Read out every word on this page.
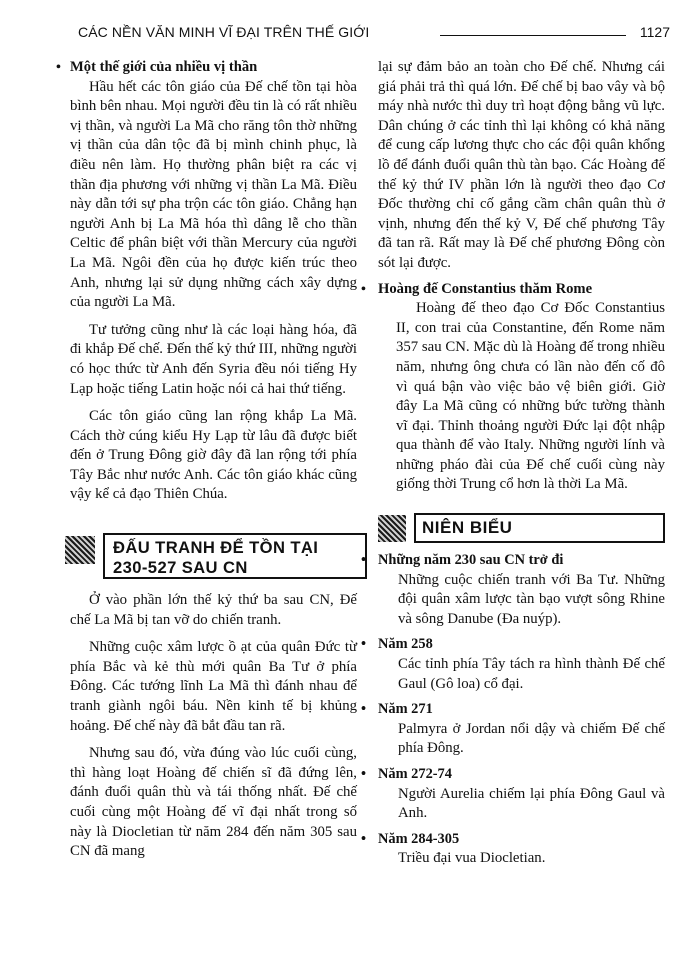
CÁC NỀN VĂN MINH VĨ ĐẠI TRÊN THẾ GIỚI	1127
• Một thế giới của nhiều vị thần

Hầu hết các tôn giáo của Đế chế tồn tại hòa bình bên nhau. Mọi người đều tin là có rất nhiều vị thần, và người La Mã cho răng tôn thờ những vị thần của dân tộc đã bị mình chinh phục, là điều nên làm. Họ thường phân biệt ra các vị thần địa phương với những vị thần La Mã. Điều này dẫn tới sự pha trộn các tôn giáo. Chẳng hạn người Anh bị La Mã hóa thì dâng lễ cho thần Celtic để phân biệt với thần Mercury của người La Mã. Ngôi đền của họ được kiến trúc theo Anh, nhưng lại sử dụng những cách xây dựng của người La Mã.

Tư tưởng cũng như là các loại hàng hóa, đã đi khắp Đế chế. Đến thế kỷ thứ III, những người có học thức từ Anh đến Syria đều nói tiếng Hy Lạp hoặc tiếng Latin hoặc nói cả hai thứ tiếng.

Các tôn giáo cũng lan rộng khắp La Mã. Cách thờ cúng kiểu Hy Lạp từ lâu đã được biết đến ở Trung Đông giờ đây đã lan rộng tới phía Tây Bắc như nước Anh. Các tôn giáo khác cũng vậy kể cả đạo Thiên Chúa.

ĐẤU TRANH ĐỂ TỒN TẠI 230-527 SAU CN

Ở vào phần lớn thế kỷ thứ ba sau CN, Đế chế La Mã bị tan vỡ do chiến tranh.

Những cuộc xâm lược ồ ạt của quân Đức từ phía Bắc và kẻ thù mới quân Ba Tư ở phía Đông. Các tướng lĩnh La Mã thì đánh nhau để tranh giành ngôi báu. Nền kinh tế bị khủng hoảng. Đế chế này đã bắt đầu tan rã.

Nhưng sau đó, vừa đúng vào lúc cuối cùng, thì hàng loạt Hoàng đế chiến sĩ đã đứng lên, đánh đuổi quân thù và tái thống nhất. Đế chế cuối cùng một Hoàng đế vĩ đại nhất trong số này là Diocletian từ năm 284 đến năm 305 sau CN đã mang

lại sự đảm bảo an toàn cho Đế chế. Nhưng cái giá phải trả thì quá lớn. Đế chế bị bao vây và bộ máy nhà nước thì duy trì hoạt động bằng vũ lực. Dân chúng ở các tỉnh thì lại không có khả năng để cung cấp lương thực cho các đội quân khổng lồ để đánh đuổi quân thù tàn bạo. Các Hoàng đế thế kỷ thứ IV phần lớn là người theo đạo Cơ Đốc thường chỉ cố gắng cầm chân quân thù ở vịnh, nhưng đến thế kỷ V, Đế chế phương Tây đã tan rã. Rất may là Đế chế phương Đông còn sót lại được.

• Hoàng đế Constantius thăm Rome

Hoàng đế theo đạo Cơ Đốc Constantius II, con trai của Constantine, đến Rome năm 357 sau CN. Mặc dù là Hoàng đế trong nhiều năm, nhưng ông chưa có lần nào đến cố đô vì quá bận vào việc bảo vệ biên giới. Giờ đây La Mã cũng có những bức tường thành vĩ đại. Thỉnh thoảng người Đức lại đột nhập qua thành để vào Italy. Những người lính và những pháo đài của Đế chế cuối cùng này giống thời Trung cổ hơn là thời La Mã.

NIÊN BIỂU
• Những năm 230 sau CN trở đi

Những cuộc chiến tranh với Ba Tư. Những đội quân xâm lược tàn bạo vượt sông Rhine và sông Danube (Đa nuýp).

• Năm 258

Các tỉnh phía Tây tách ra hình thành Đế chế Gaul (Gô loa) cổ đại.

• Năm 271

Palmyra ở Jordan nổi dậy và chiếm Đế chế phía Đông.

• Năm 272-74

Người Aurelia chiếm lại phía Đông Gaul và Anh.

• Năm 284-305

Triều đại vua Diocletian.
